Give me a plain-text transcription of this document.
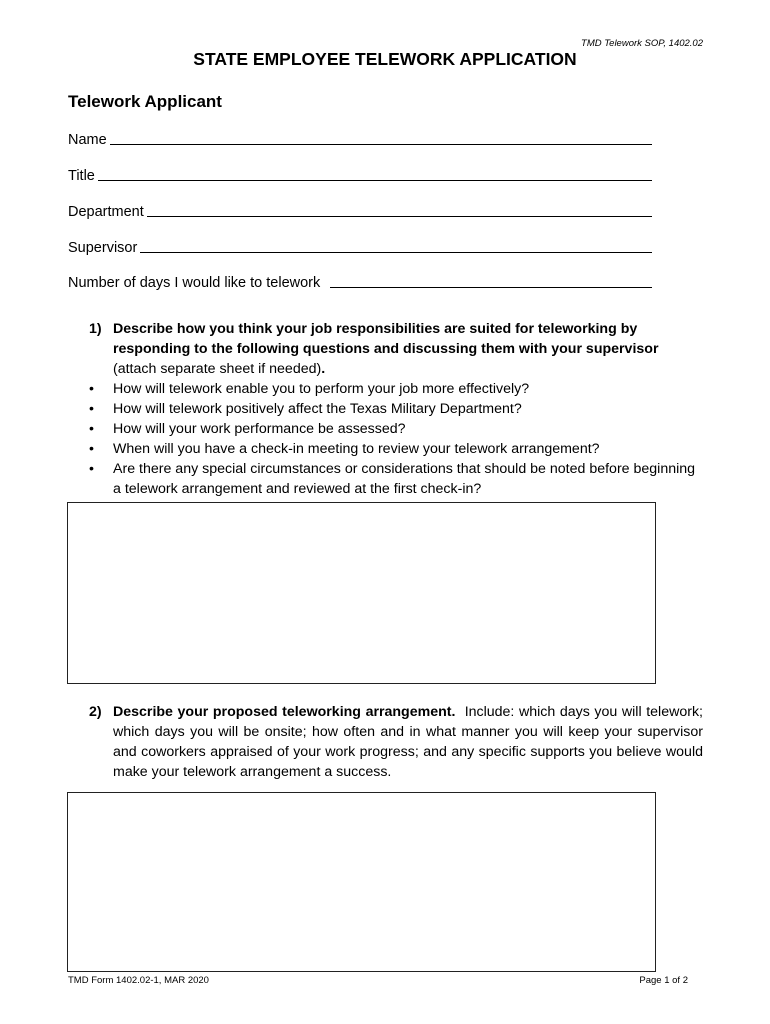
TMD Telework SOP, 1402.02
STATE EMPLOYEE TELEWORK APPLICATION
Telework Applicant
Name
Title
Department
Supervisor
Number of days I would like to telework
1) Describe how you think your job responsibilities are suited for teleworking by responding to the following questions and discussing them with your supervisor (attach separate sheet if needed).
• How will telework enable you to perform your job more effectively?
• How will telework positively affect the Texas Military Department?
• How will your work performance be assessed?
• When will you have a check-in meeting to review your telework arrangement?
• Are there any special circumstances or considerations that should be noted before beginning a telework arrangement and reviewed at the first check-in?
2) Describe your proposed teleworking arrangement. Include: which days you will telework; which days you will be onsite; how often and in what manner you will keep your supervisor and coworkers appraised of your work progress; and any specific supports you believe would make your telework arrangement a success.
TMD Form 1402.02-1, MAR 2020	Page 1 of 2
